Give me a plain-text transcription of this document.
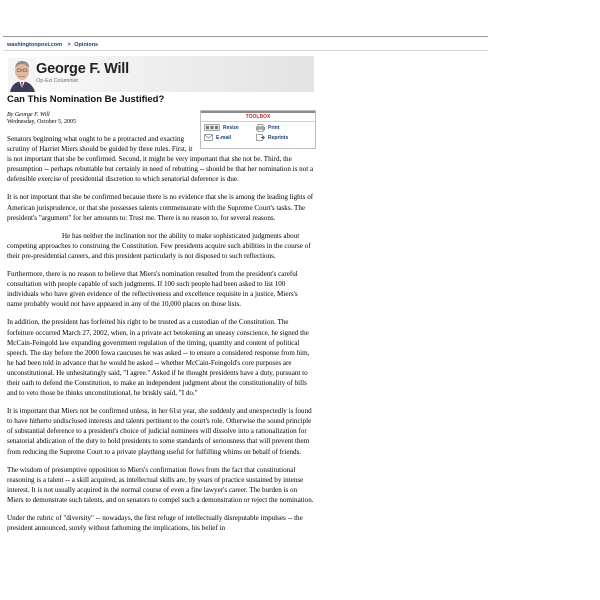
washingtonpost.com > Opinions
George F. Will
Op-Ed Columnist
Can This Nomination Be Justified?
By George F. Will
Wednesday, October 5, 2005
TOOLBOX
Resize	Print
E-mail	Reprints

Senators beginning what ought to be a protracted and exacting scrutiny of Harriet Miers should be guided by three rules. First, it is not important that she be confirmed. Second, it might be very important that she not be. Third, the presumption -- perhaps rebuttable but certainly in need of rebutting -- should be that her nomination is not a defensible exercise of presidential discretion to which senatorial deference is due.

It is not important that she be confirmed because there is no evidence that she is among the leading lights of American jurisprudence, or that she possesses talents commensurate with the Supreme Court's tasks. The president's "argument" for her amounts to: Trust me. There is no reason to, for several reasons.

He has neither the inclination nor the ability to make sophisticated judgments about competing approaches to construing the Constitution. Few presidents acquire such abilities in the course of their pre-presidential careers, and this president particularly is not disposed to such reflections.

Furthermore, there is no reason to believe that Miers's nomination resulted from the president's careful consultation with people capable of such judgments. If 100 such people had been asked to list 100 individuals who have given evidence of the reflectiveness and excellence requisite in a justice, Miers's name probably would not have appeared in any of the 10,000 places on those lists.

In addition, the president has forfeited his right to be trusted as a custodian of the Constitution. The forfeiture occurred March 27, 2002, when, in a private act betokening an uneasy conscience, he signed the McCain-Feingold law expanding government regulation of the timing, quantity and content of political speech. The day before the 2000 Iowa caucuses he was asked -- to ensure a considered response from him, he had been told in advance that he would be asked -- whether McCain-Feingold's core purposes are unconstitutional. He unhesitatingly said, "I agree." Asked if he thought presidents have a duty, pursuant to their oath to defend the Constitution, to make an independent judgment about the constitutionality of bills and to veto those he thinks unconstitutional, he briskly said, "I do."

It is important that Miers not be confirmed unless, in her 61st year, she suddenly and unexpectedly is found to have hitherto undisclosed interests and talents pertinent to the court's role. Otherwise the sound principle of substantial deference to a president's choice of judicial nominees will dissolve into a rationalization for senatorial abdication of the duty to hold presidents to some standards of seriousness that will prevent them from reducing the Supreme Court to a private plaything useful for fulfilling whims on behalf of friends.

The wisdom of presumptive opposition to Miers's confirmation flows from the fact that constitutional reasoning is a talent -- a skill acquired, as intellectual skills are, by years of practice sustained by intense interest. It is not usually acquired in the normal course of even a fine lawyer's career. The burden is on Miers to demonstrate such talents, and on senators to compel such a demonstration or reject the nomination.

Under the rubric of "diversity" -- nowadays, the first refuge of intellectually disreputable impulses -- the president announced, surely without fathoming the implications, his belief in
